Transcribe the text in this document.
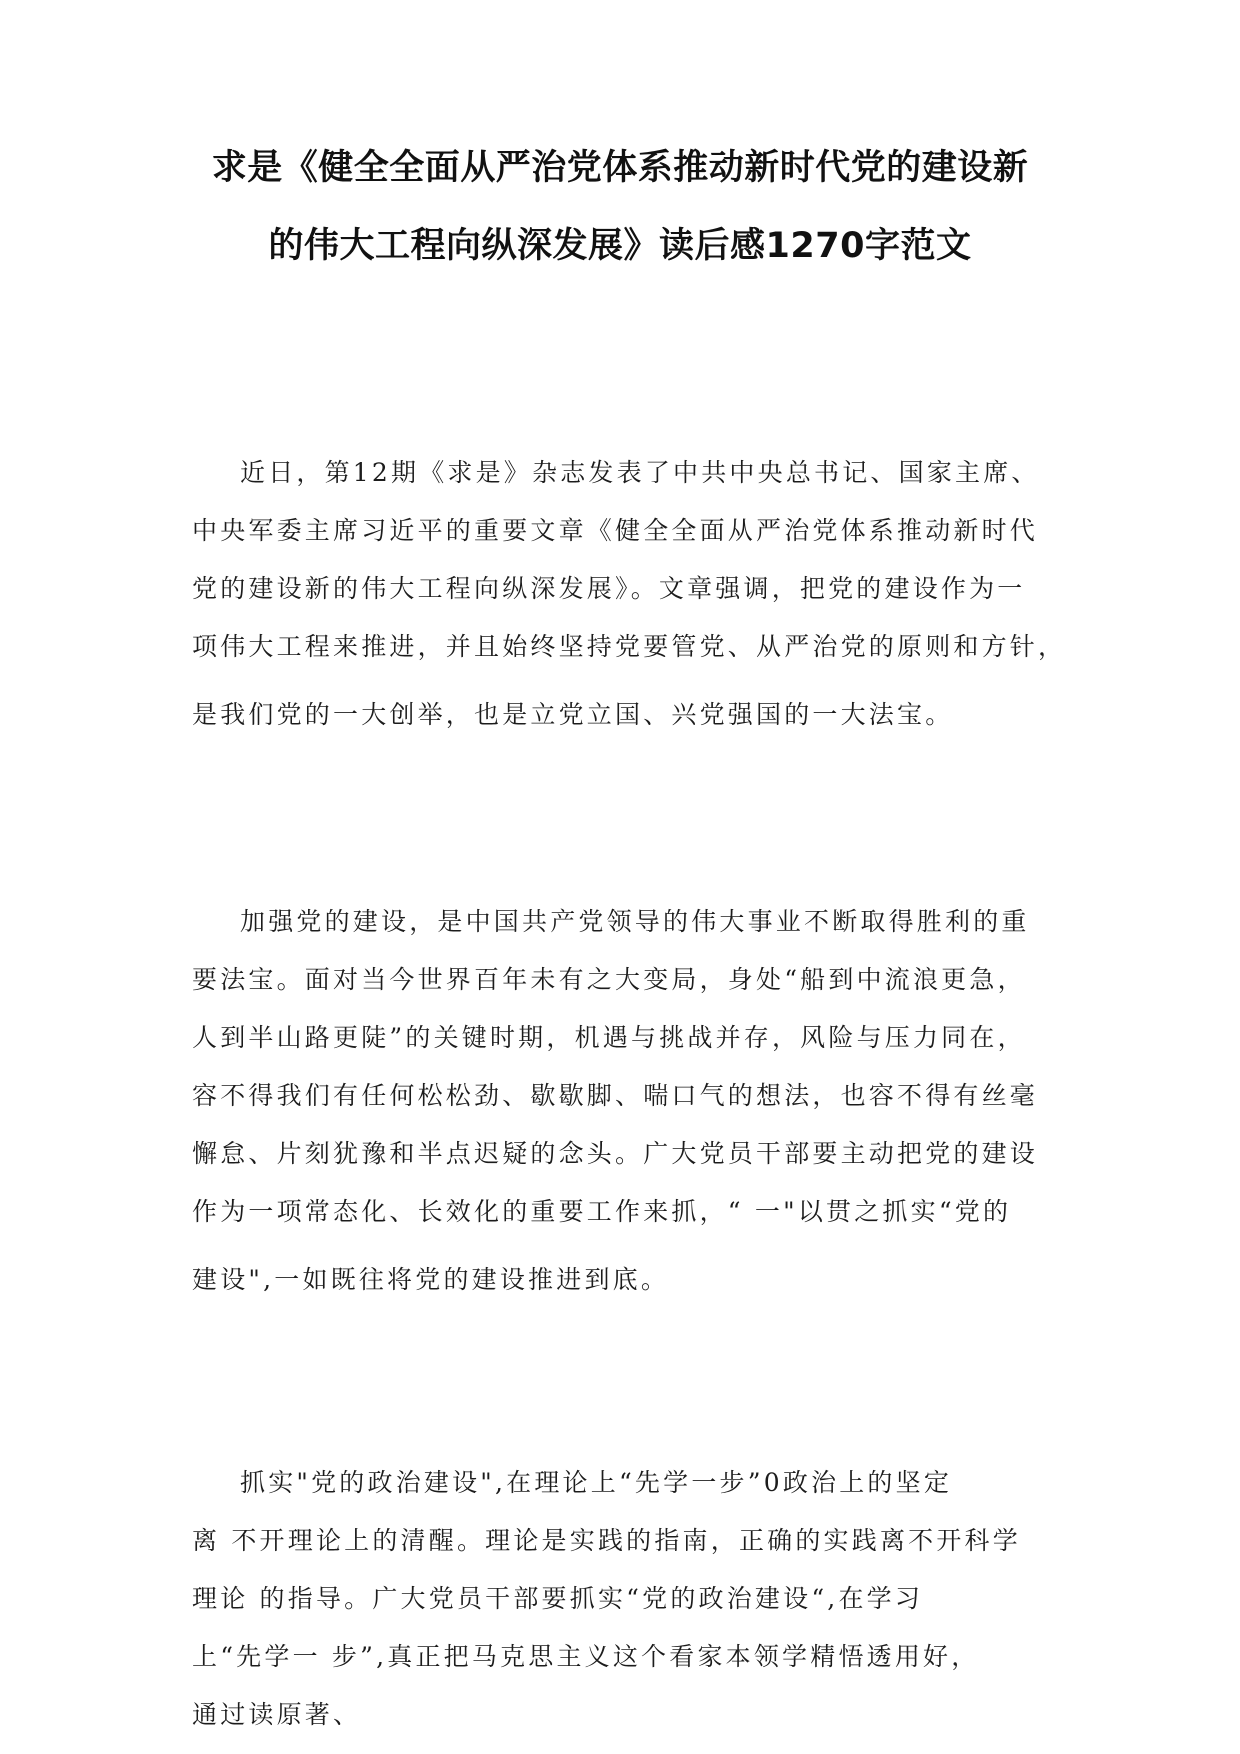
求是《健全全面从严治党体系推动新时代党的建设新
的伟大工程向纵深发展》读后感1270字范文
近日，第12期《求是》杂志发表了中共中央总书记、国家主席、
中央军委主席习近平的重要文章《健全全面从严治党体系推动新时代
党的建设新的伟大工程向纵深发展》。文章强调，把党的建设作为一
项伟大工程来推进，并且始终坚持党要管党、从严治党的原则和方针，
是我们党的一大创举，也是立党立国、兴党强国的一大法宝。
加强党的建设，是中国共产党领导的伟大事业不断取得胜利的重
要法宝。面对当今世界百年未有之大变局，身处“船到中流浪更急，
人到半山路更陡”的关键时期，机遇与挑战并存，风险与压力同在，
容不得我们有任何松松劲、歇歇脚、喘口气的想法，也容不得有丝毫
懈怠、片刻犹豫和半点迟疑的念头。广大党员干部要主动把党的建设
作为一项常态化、长效化的重要工作来抓，“ 一"以贯之抓实“党的
建设",一如既往将党的建设推进到底。
抓实"党的政治建设",在理论上“先学一步”0政治上的坚定
离 不开理论上的清醒。理论是实践的指南，正确的实践离不开科学
理论 的指导。广大党员干部要抓实“党的政治建设“,在学习
上“先学一 步”,真正把马克思主义这个看家本领学精悟透用好，
通过读原著、
